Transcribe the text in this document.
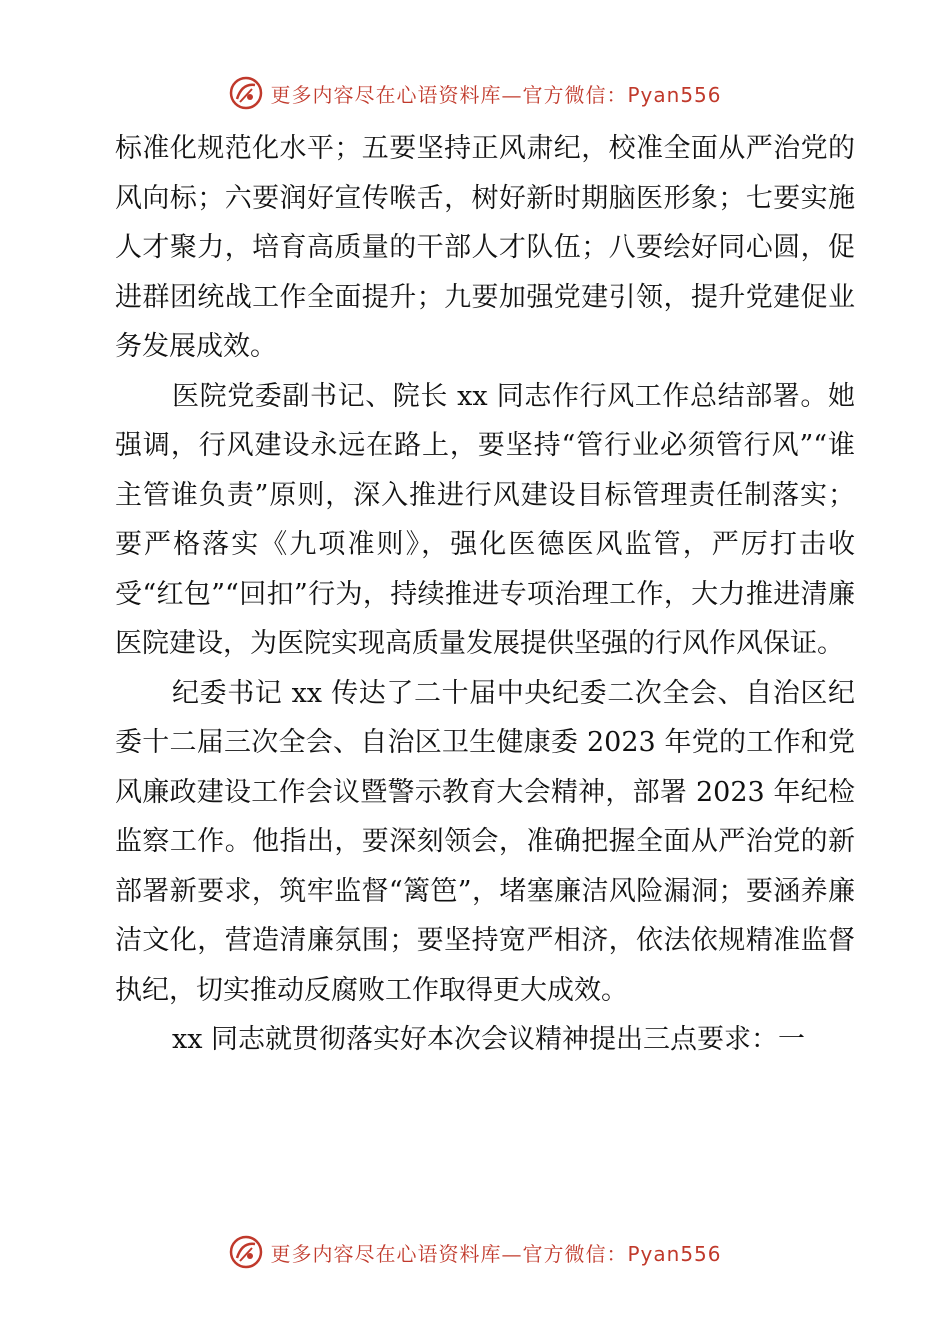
更多内容尽在心语资料库—官方微信：Pyan556

标准化规范化水平；五要坚持正风肃纪，校准全面从严治党的风向标；六要润好宣传喉舌，树好新时期脑医形象；七要实施人才聚力，培育高质量的干部人才队伍；八要绘好同心圆，促进群团统战工作全面提升；九要加强党建引领，提升党建促业务发展成效。

医院党委副书记、院长 xx 同志作行风工作总结部署。她强调，行风建设永远在路上，要坚持“管行业必须管行风”“谁主管谁负责”原则，深入推进行风建设目标管理责任制落实；要严格落实《九项准则》，强化医德医风监管，严厉打击收受“红包”“回扣”行为，持续推进专项治理工作，大力推进清廉医院建设，为医院实现高质量发展提供坚强的行风作风保证。

纪委书记 xx 传达了二十届中央纪委二次全会、自治区纪委十二届三次全会、自治区卫生健康委 2023 年党的工作和党风廉政建设工作会议暨警示教育大会精神，部署 2023 年纪检监察工作。他指出，要深刻领会，准确把握全面从严治党的新部署新要求，筑牢监督“篱笆”，堵塞廉洁风险漏洞；要涵养廉洁文化，营造清廉氛围；要坚持宽严相济，依法依规精准监督执纪，切实推动反腐败工作取得更大成效。

xx 同志就贯彻落实好本次会议精神提出三点要求：一

更多内容尽在心语资料库—官方微信：Pyan556
